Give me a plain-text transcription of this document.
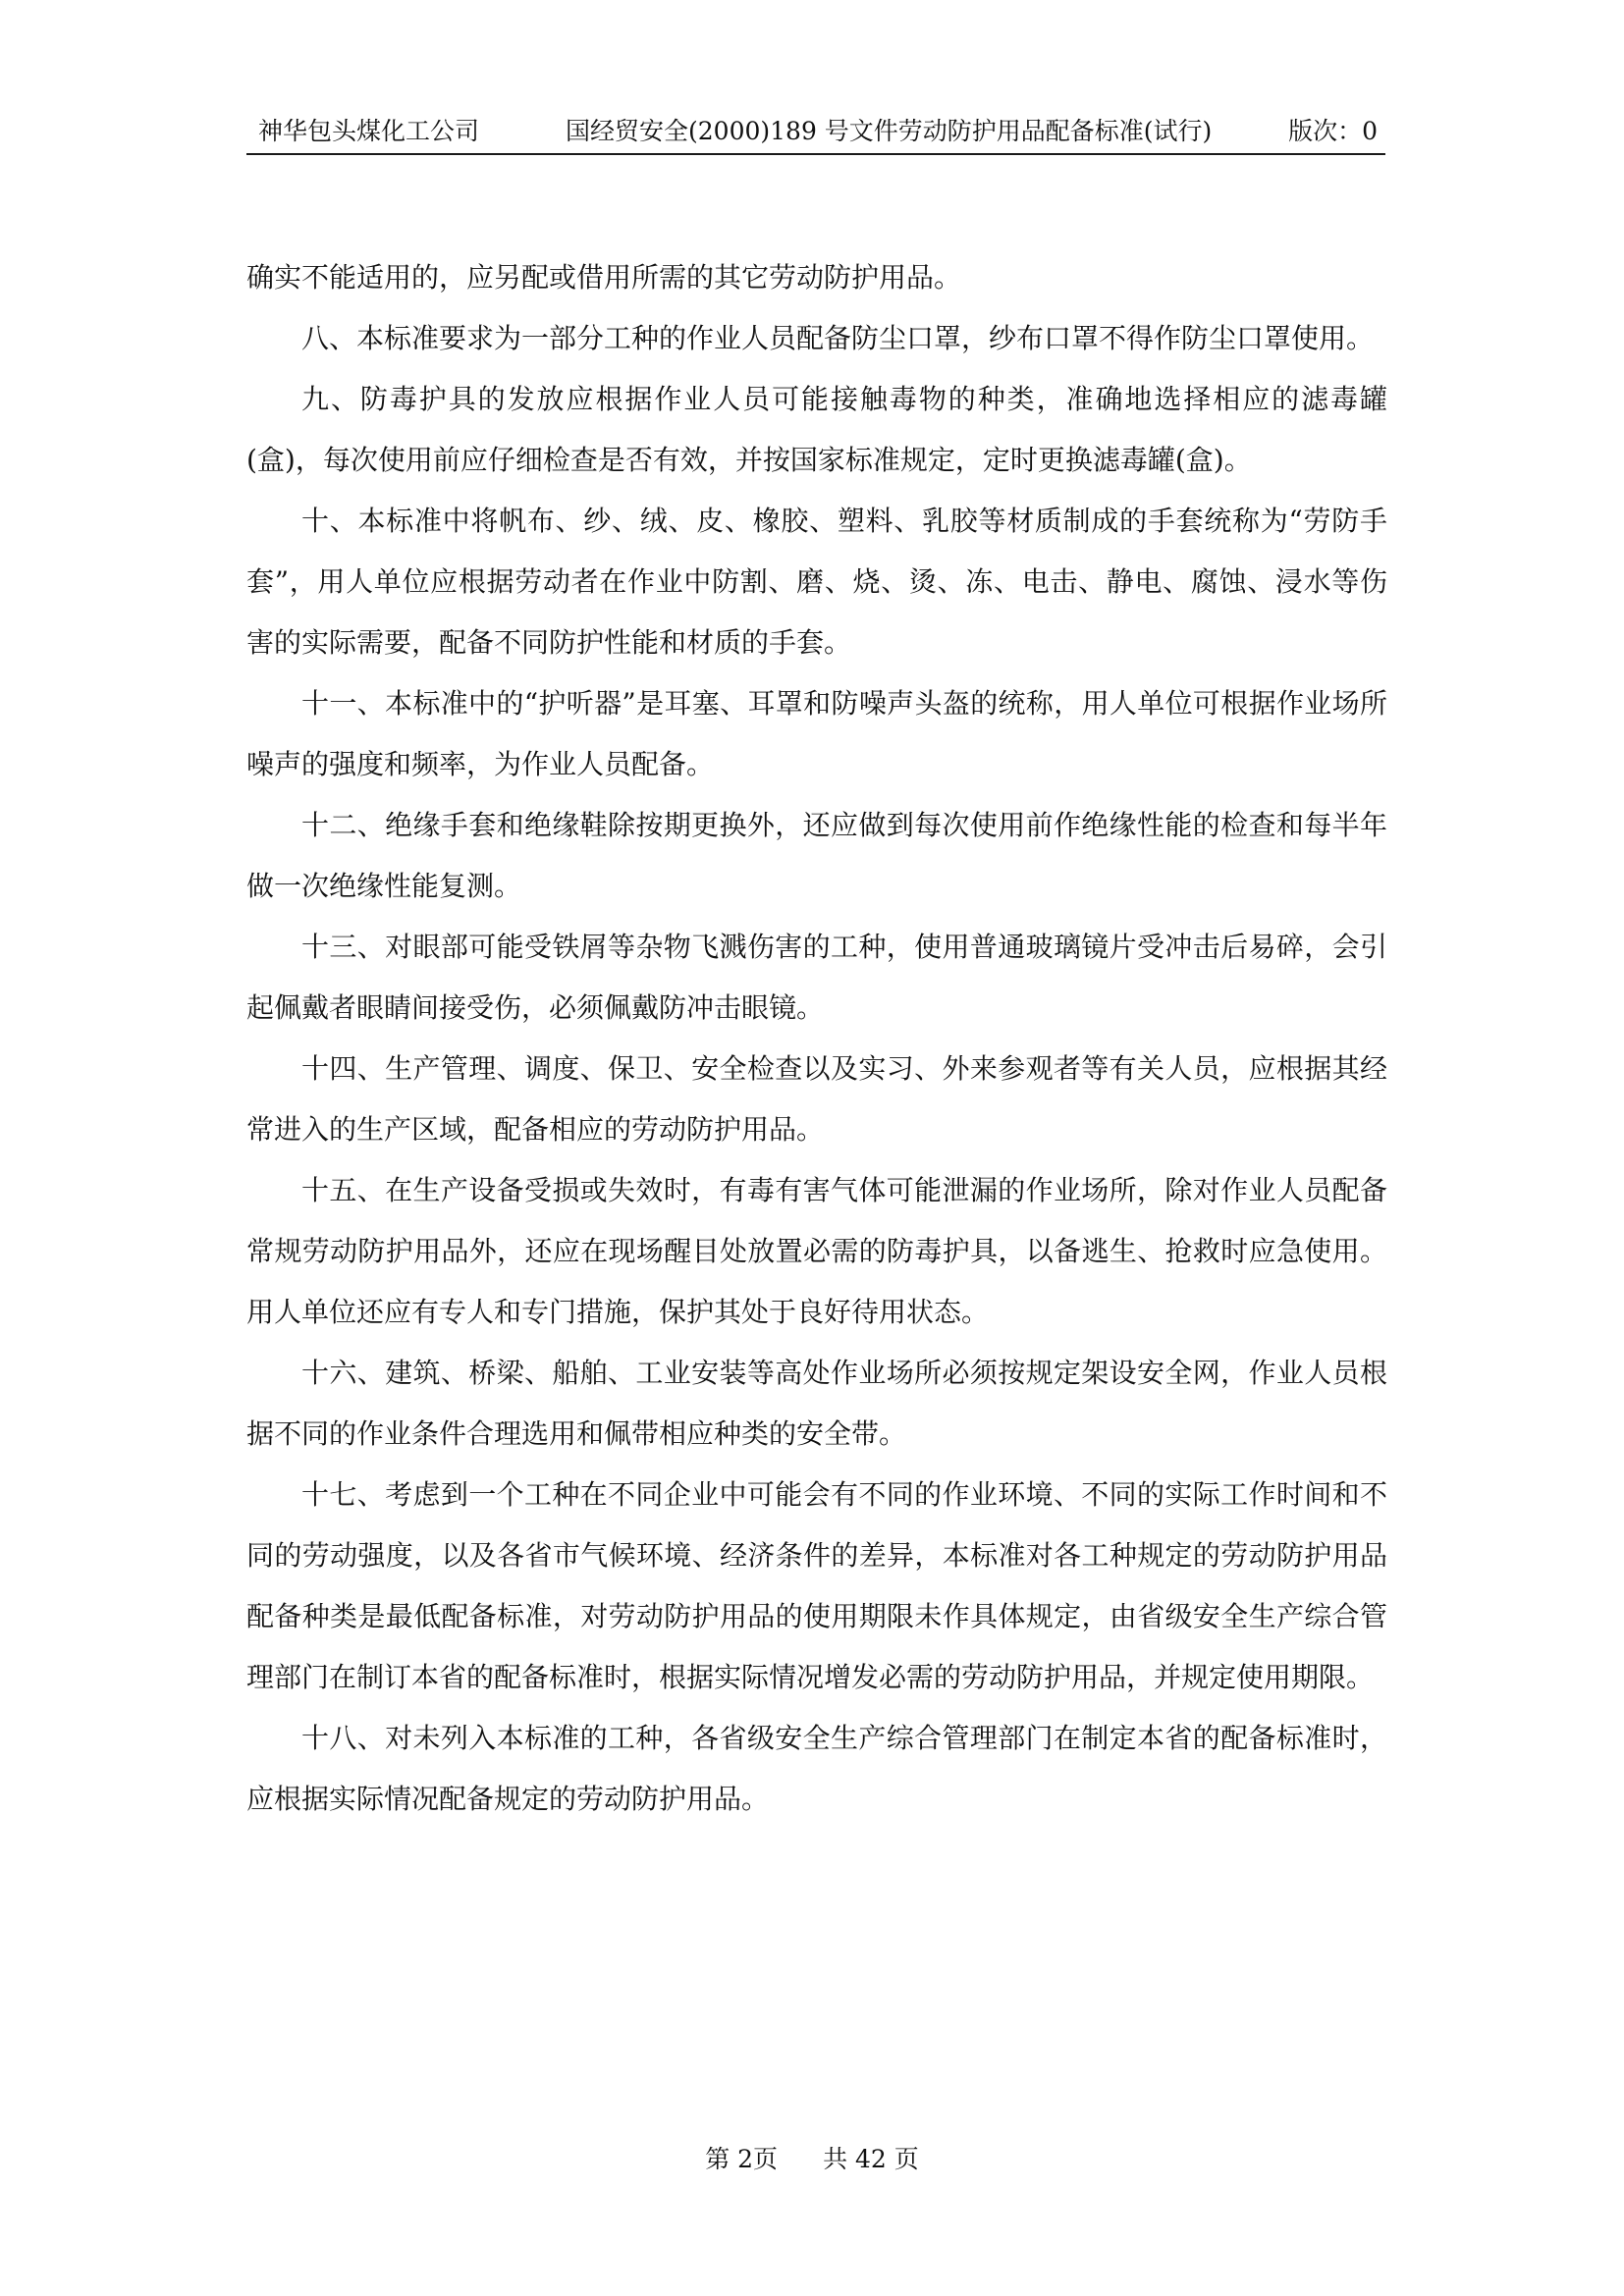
神华包头煤化工公司	国经贸安全(2000)189 号文件劳动防护用品配备标准(试行)	版次：0

确实不能适用的，应另配或借用所需的其它劳动防护用品。

八、本标准要求为一部分工种的作业人员配备防尘口罩，纱布口罩不得作防尘口罩使用。

九、防毒护具的发放应根据作业人员可能接触毒物的种类，准确地选择相应的滤毒罐(盒)，每次使用前应仔细检查是否有效，并按国家标准规定，定时更换滤毒罐(盒)。

十、本标准中将帆布、纱、绒、皮、橡胶、塑料、乳胶等材质制成的手套统称为“劳防手套”，用人单位应根据劳动者在作业中防割、磨、烧、烫、冻、电击、静电、腐蚀、浸水等伤害的实际需要，配备不同防护性能和材质的手套。

十一、本标准中的“护听器”是耳塞、耳罩和防噪声头盔的统称，用人单位可根据作业场所噪声的强度和频率，为作业人员配备。

十二、绝缘手套和绝缘鞋除按期更换外，还应做到每次使用前作绝缘性能的检查和每半年做一次绝缘性能复测。

十三、对眼部可能受铁屑等杂物飞溅伤害的工种，使用普通玻璃镜片受冲击后易碎，会引起佩戴者眼睛间接受伤，必须佩戴防冲击眼镜。

十四、生产管理、调度、保卫、安全检查以及实习、外来参观者等有关人员，应根据其经常进入的生产区域，配备相应的劳动防护用品。

十五、在生产设备受损或失效时，有毒有害气体可能泄漏的作业场所，除对作业人员配备常规劳动防护用品外，还应在现场醒目处放置必需的防毒护具，以备逃生、抢救时应急使用。用人单位还应有专人和专门措施，保护其处于良好待用状态。

十六、建筑、桥梁、船舶、工业安装等高处作业场所必须按规定架设安全网，作业人员根据不同的作业条件合理选用和佩带相应种类的安全带。

十七、考虑到一个工种在不同企业中可能会有不同的作业环境、不同的实际工作时间和不同的劳动强度，以及各省市气候环境、经济条件的差异，本标准对各工种规定的劳动防护用品配备种类是最低配备标准，对劳动防护用品的使用期限未作具体规定，由省级安全生产综合管理部门在制订本省的配备标准时，根据实际情况增发必需的劳动防护用品，并规定使用期限。

十八、对未列入本标准的工种，各省级安全生产综合管理部门在制定本省的配备标准时，应根据实际情况配备规定的劳动防护用品。

第 2页 共 42 页
